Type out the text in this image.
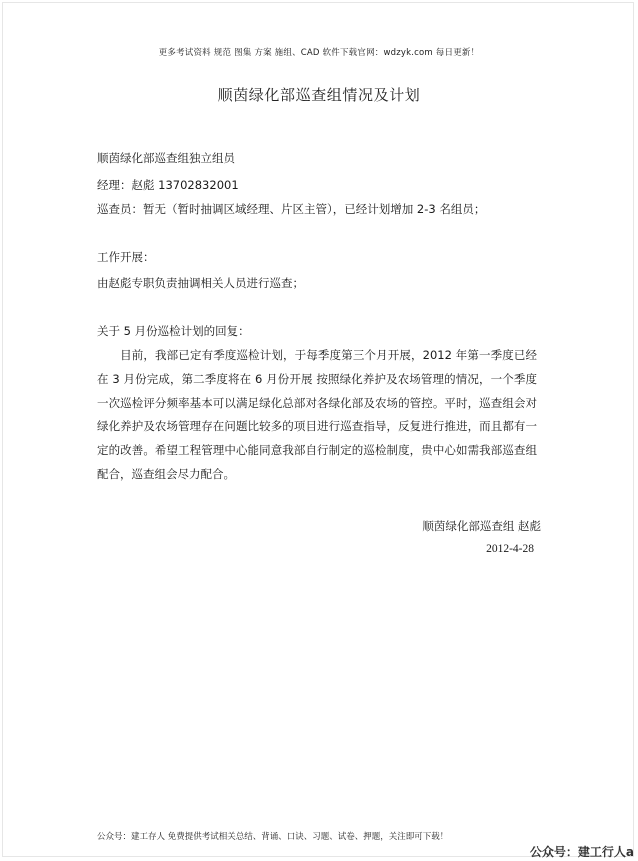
更多考试资料 规范 图集 方案 施组、CAD 软件下载官网：wdzyk.com 每日更新！
顺茵绿化部巡查组情况及计划
顺茵绿化部巡查组独立组员
经理：赵彪 13702832001
巡查员：暂无（暂时抽调区域经理、片区主管），已经计划增加 2-3 名组员；
工作开展：
由赵彪专职负责抽调相关人员进行巡查；
关于 5 月份巡检计划的回复：
目前，我部已定有季度巡检计划，于每季度第三个月开展，2012 年第一季度已经在 3 月份完成，第二季度将在 6 月份开展 按照绿化养护及农场管理的情况，一个季度一次巡检评分频率基本可以满足绿化总部对各绿化部及农场的管控。平时，巡查组会对绿化养护及农场管理存在问题比较多的项目进行巡查指导，反复进行推进，而且都有一定的改善。希望工程管理中心能同意我部自行制定的巡检制度，贵中心如需我部巡查组配合，巡查组会尽力配合。
顺茵绿化部巡查组 赵彪
2012-4-28
公众号：建工存人 免费提供考试相关总结、背诵、口诀、习题、试卷、押题，关注即可下载！
公众号：建工行人a
